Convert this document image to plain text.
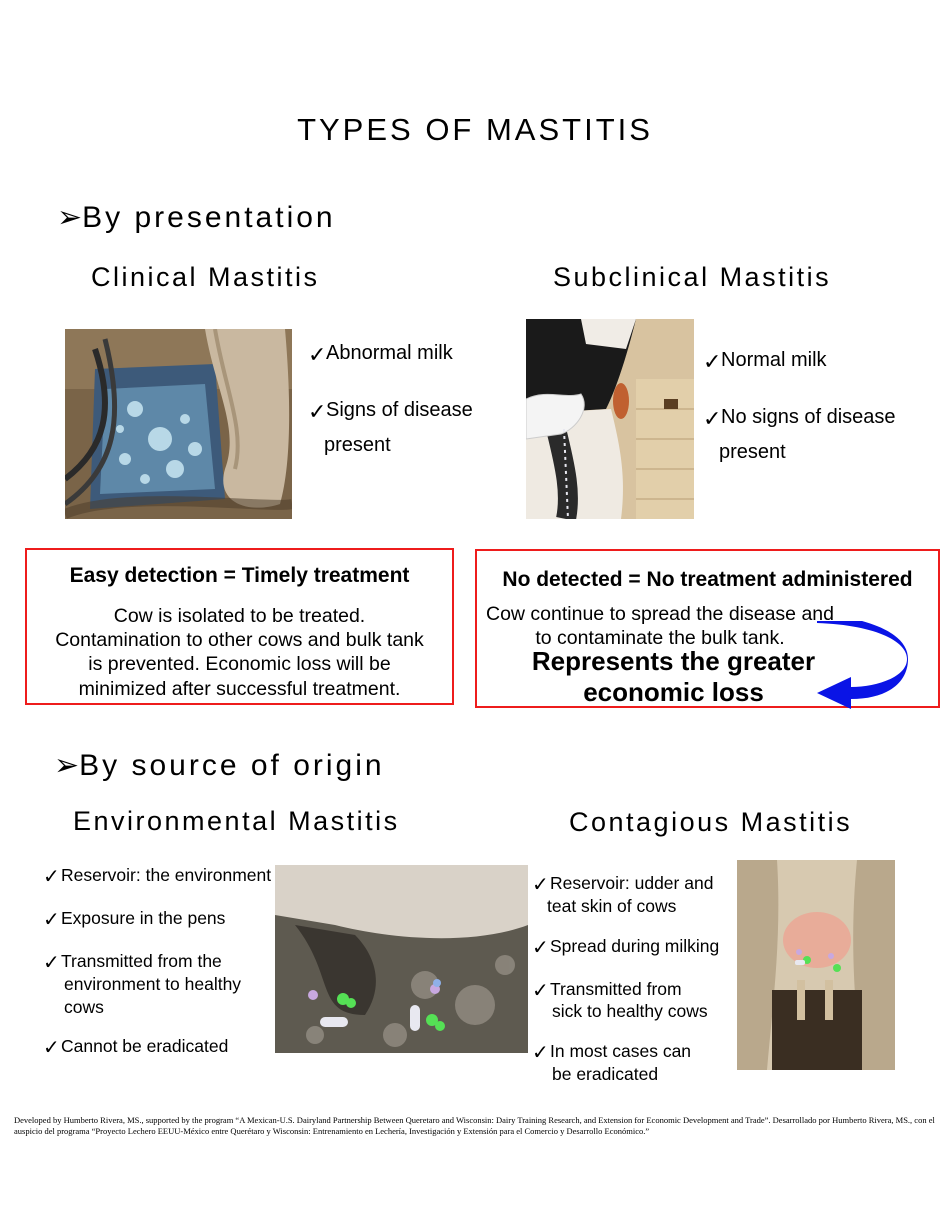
TYPES OF MASTITIS
➢By presentation
Clinical Mastitis	Subclinical Mastitis
✓ Abnormal milk
✓ Signs of disease
present
✓ Normal milk
✓ No signs of disease
present
Easy detection = Timely treatment
Cow is isolated to be treated. Contamination to other cows and bulk tank is prevented. Economic loss will be minimized after successful treatment.
No detected = No treatment administered
Cow continue to spread the disease and
to contaminate the bulk tank.
Represents the greater
economic loss
➢By source of origin
Environmental Mastitis	Contagious Mastitis
✓ Reservoir: the environment
✓ Exposure in the pens
✓ Transmitted from the
environment to healthy
cows
✓ Cannot be eradicated
✓ Reservoir: udder and
teat skin of cows
✓ Spread during milking
✓ Transmitted from
sick to healthy cows
✓ In most cases can
be eradicated
Developed by Humberto Rivera, MS., supported by the program “A Mexican-U.S. Dairyland Partnership Between Queretaro and Wisconsin: Dairy Training Research, and Extension for Economic Development and Trade”. Desarrollado por Humberto Rivera, MS., con el auspicio del programa “Proyecto Lechero EEUU-México entre Querétaro y Wisconsin: Entrenamiento en Lechería, Investigación y Extensión para el Comercio y Desarrollo Económico.”
